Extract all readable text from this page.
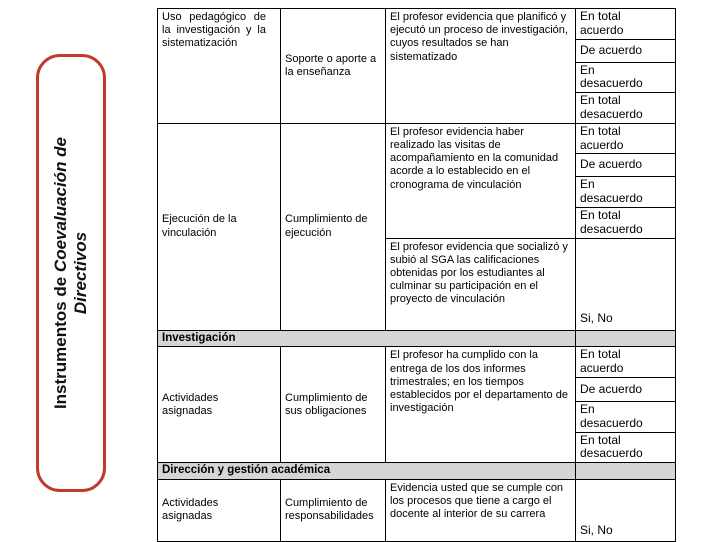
Instrumentos de Coevaluación de
Directivos
Uso pedagógico de la investigación y la sistematización	Soporte o aporte a la enseñanza	El profesor evidencia que planificó y ejecutó un proceso de investigación, cuyos resultados se han sistematizado	En total acuerdo
			De acuerdo
			En desacuerdo
			En total desacuerdo
Ejecución de la vinculación	Cumplimiento de ejecución	El profesor evidencia haber realizado las visitas de acompañamiento en la comunidad acorde a lo establecido en el cronograma de vinculación	En total acuerdo
			De acuerdo
			En desacuerdo
			En total desacuerdo
		El profesor evidencia que socializó y subió al SGA las calificaciones obtenidas por los estudiantes al culminar su participación en el proyecto de vinculación	Si, No
Investigación			
Actividades asignadas	Cumplimiento de sus obligaciones	El profesor ha cumplido con la entrega de los dos informes trimestrales; en los tiempos establecidos por el departamento de investigación	En total acuerdo
			De acuerdo
			En desacuerdo
			En total desacuerdo
Dirección y gestión académica			
Actividades asignadas	Cumplimiento de responsabilidades	Evidencia usted que se cumple con los procesos que tiene a cargo el docente al interior de su carrera	Si, No
